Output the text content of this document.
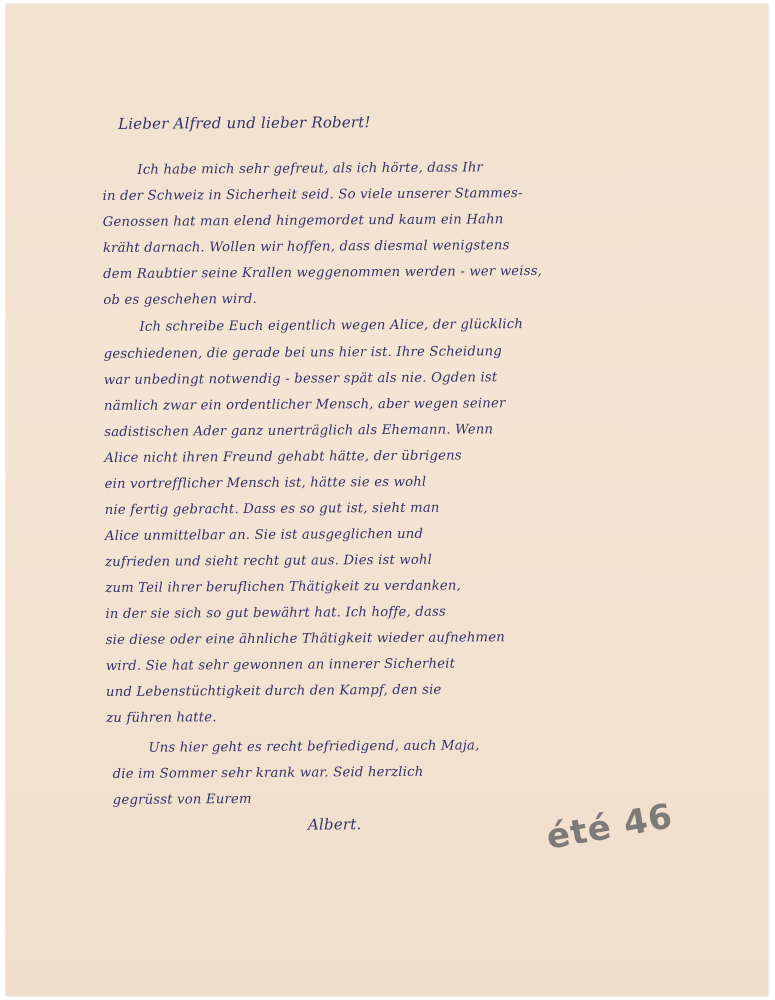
Lieber Alfred und lieber Robert!
Ich habe mich sehr gefreut, als ich hörte, dass Ihr
in der Schweiz in Sicherheit seid. So viele unserer Stammes-
Genossen hat man elend hingemordet und kaum ein Hahn
kräht darnach. Wollen wir hoffen, dass diesmal wenigstens
dem Raubtier seine Krallen weggenommen werden - wer weiss,
ob es geschehen wird.
Ich schreibe Euch eigentlich wegen Alice, der glücklich
geschiedenen, die gerade bei uns hier ist. Ihre Scheidung
war unbedingt notwendig - besser spät als nie. Ogden ist
nämlich zwar ein ordentlicher Mensch, aber wegen seiner
sadistischen Ader ganz unerträglich als Ehemann. Wenn
Alice nicht ihren Freund gehabt hätte, der übrigens
ein vortrefflicher Mensch ist, hätte sie es wohl
nie fertig gebracht. Dass es so gut ist, sieht man
Alice unmittelbar an. Sie ist ausgeglichen und
zufrieden und sieht recht gut aus. Dies ist wohl
zum Teil ihrer beruflichen Thätigkeit zu verdanken,
in der sie sich so gut bewährt hat. Ich hoffe, dass
sie diese oder eine ähnliche Thätigkeit wieder aufnehmen
wird. Sie hat sehr gewonnen an innerer Sicherheit
und Lebenstüchtigkeit durch den Kampf, den sie
zu führen hatte.
Uns hier geht es recht befriedigend, auch Maja,
die im Sommer sehr krank war. Seid herzlich
gegrüsst von Eurem
Albert.	été 46
